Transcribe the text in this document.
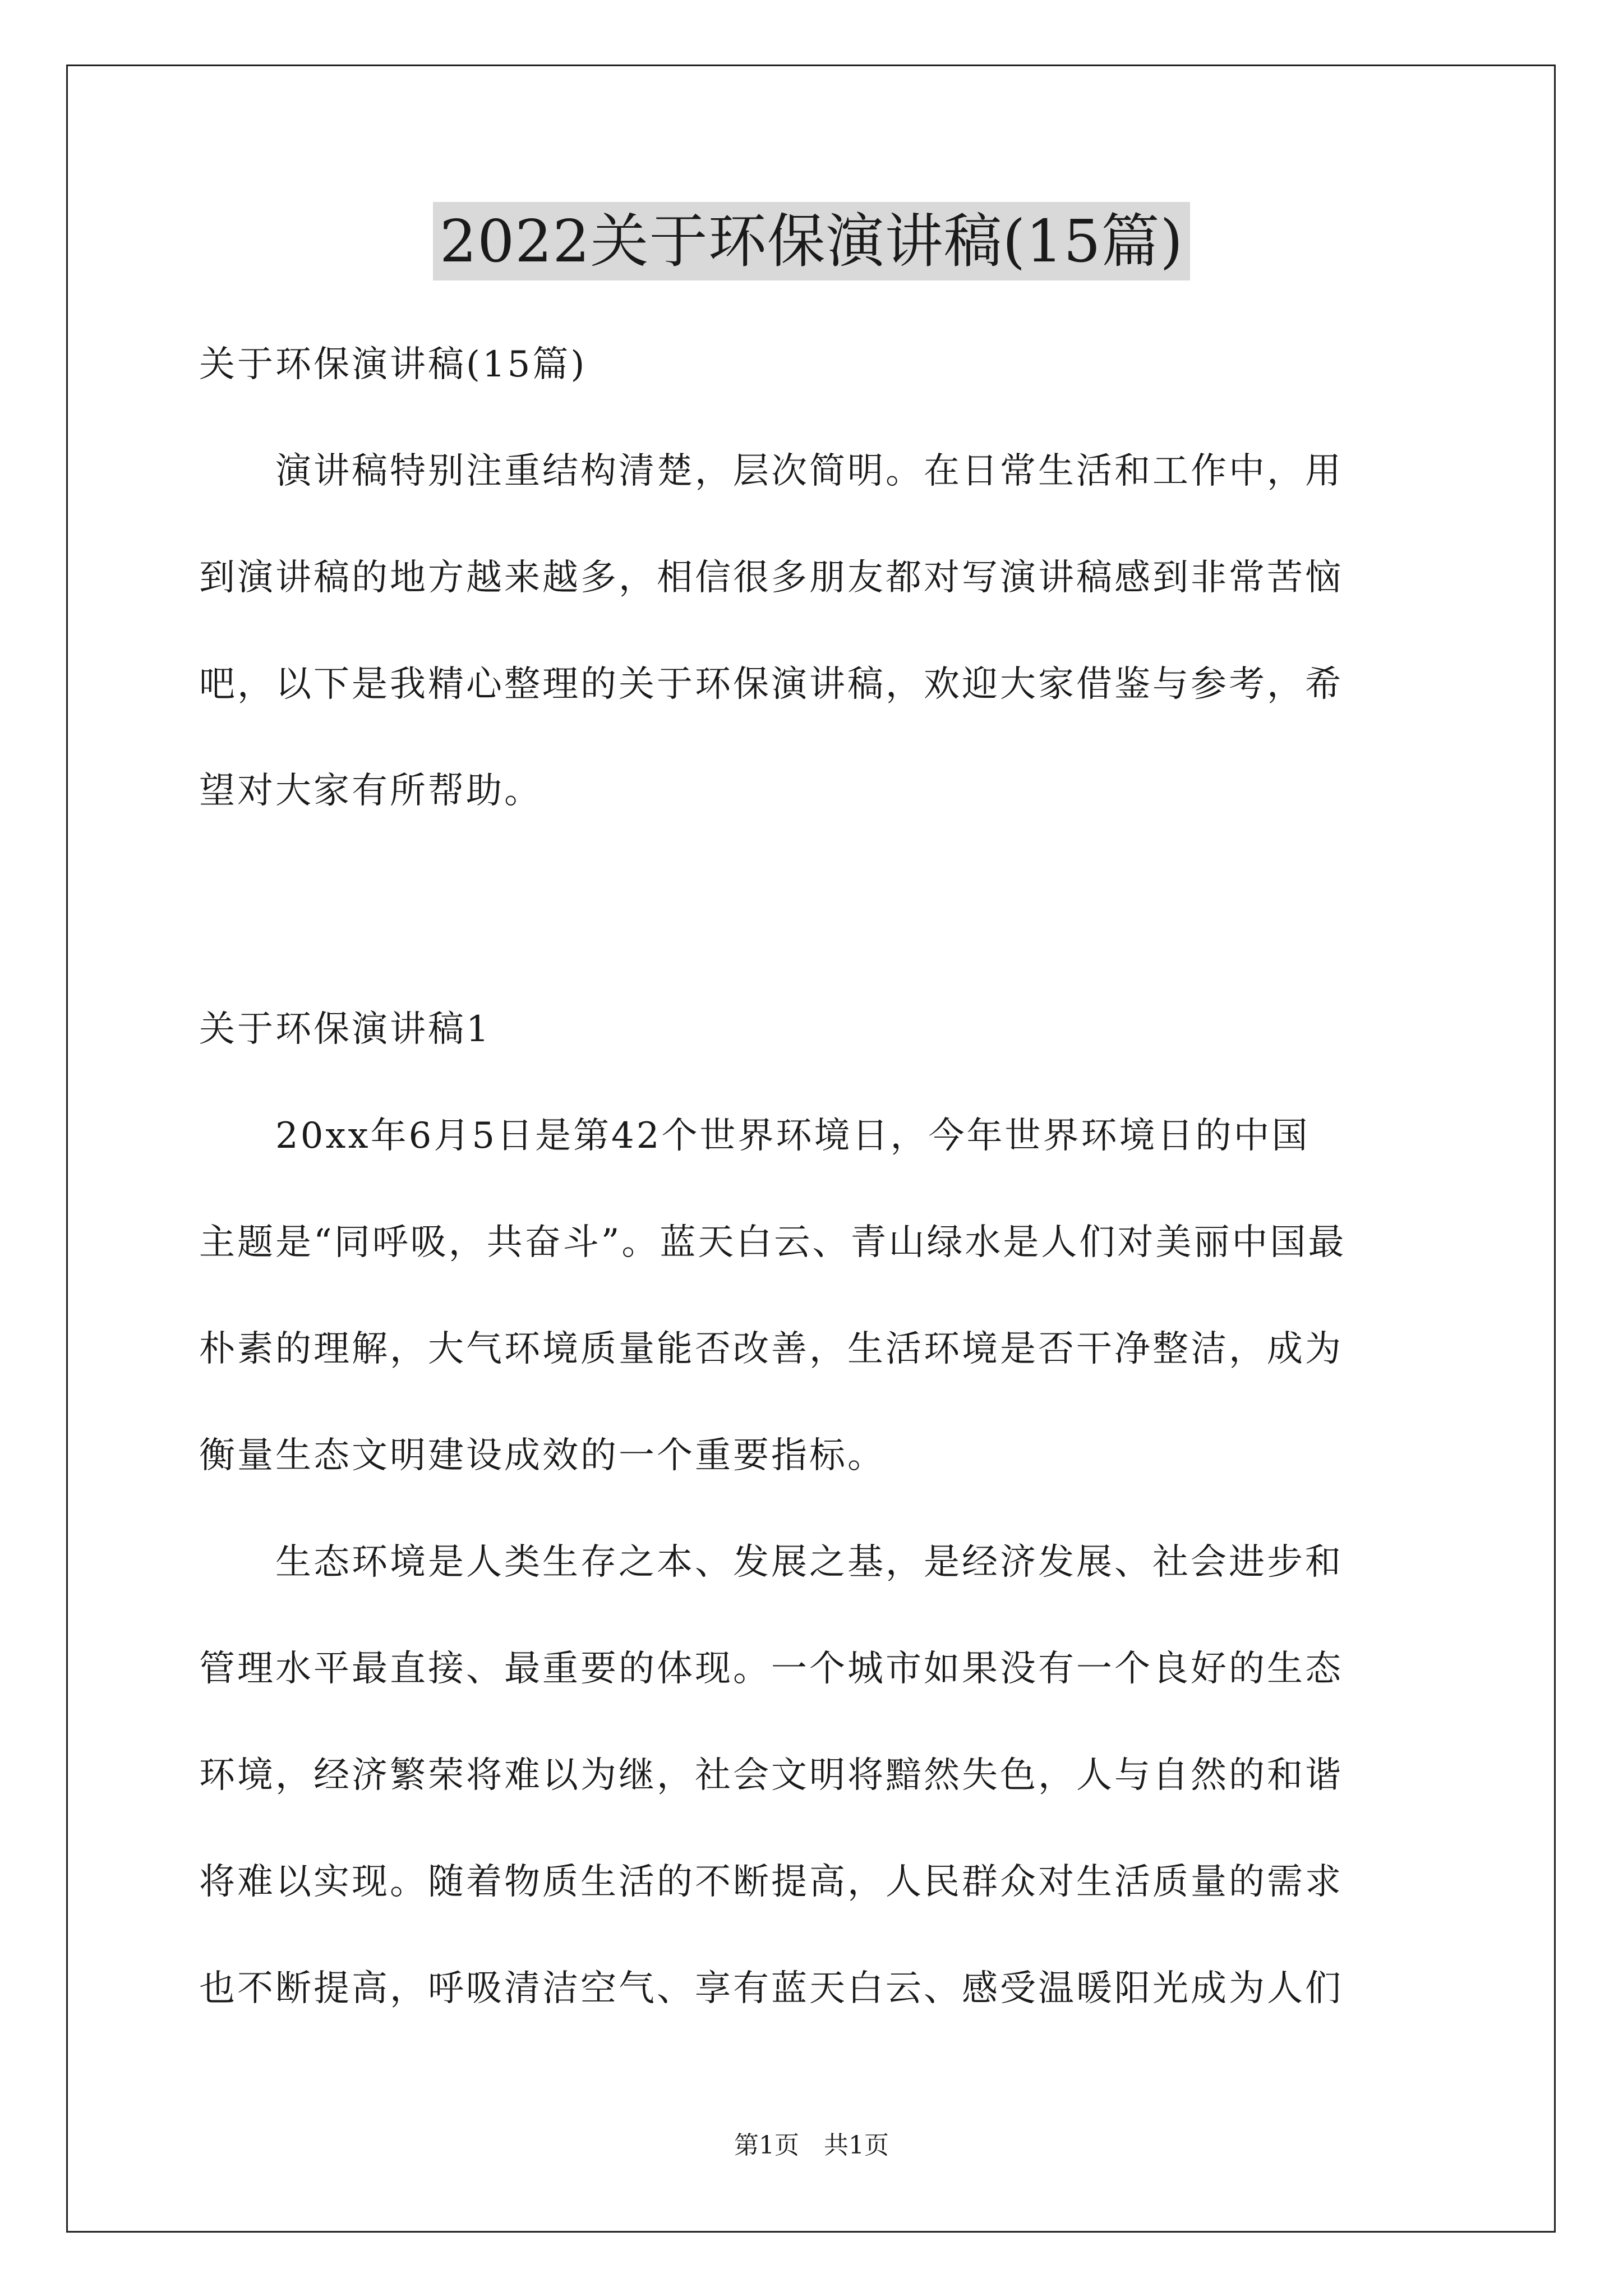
2022关于环保演讲稿(15篇)

关于环保演讲稿(15篇)

　　演讲稿特别注重结构清楚，层次简明。在日常生活和工作中，用

到演讲稿的地方越来越多，相信很多朋友都对写演讲稿感到非常苦恼

吧，以下是我精心整理的关于环保演讲稿，欢迎大家借鉴与参考，希

望对大家有所帮助。

关于环保演讲稿1

　　20xx年6月5日是第42个世界环境日，今年世界环境日的中国

主题是“同呼吸，共奋斗”。蓝天白云、青山绿水是人们对美丽中国最

朴素的理解，大气环境质量能否改善，生活环境是否干净整洁，成为

衡量生态文明建设成效的一个重要指标。

　　生态环境是人类生存之本、发展之基，是经济发展、社会进步和

管理水平最直接、最重要的体现。一个城市如果没有一个良好的生态

环境，经济繁荣将难以为继，社会文明将黯然失色，人与自然的和谐

将难以实现。随着物质生活的不断提高，人民群众对生活质量的需求

也不断提高，呼吸清洁空气、享有蓝天白云、感受温暖阳光成为人们

第1页　共1页
